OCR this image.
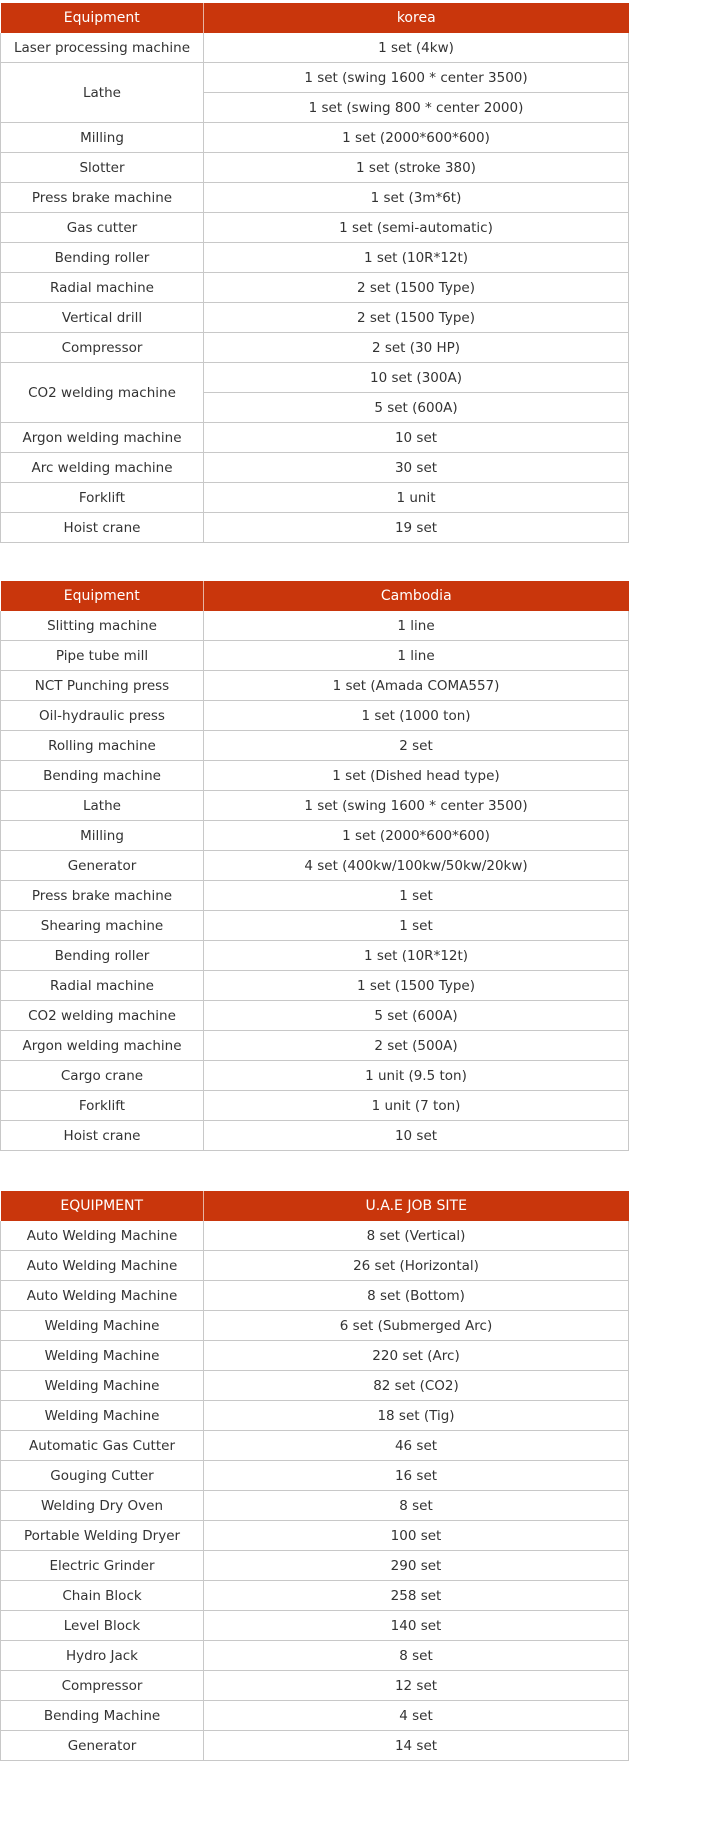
Equipment	korea
Laser processing machine	1 set (4kw)
Lathe	1 set (swing 1600 * center 3500)
	1 set (swing 800 * center 2000)
Milling	1 set (2000*600*600)
Slotter	1 set (stroke 380)
Press brake machine	1 set (3m*6t)
Gas cutter	1 set (semi-automatic)
Bending roller	1 set (10R*12t)
Radial machine	2 set (1500 Type)
Vertical drill	2 set (1500 Type)
Compressor	2 set (30 HP)
CO2 welding machine	10 set (300A)
	5 set (600A)
Argon welding machine	10 set
Arc welding machine	30 set
Forklift	1 unit
Hoist crane	19 set
Equipment	Cambodia
Slitting machine	1 line
Pipe tube mill	1 line
NCT Punching press	1 set (Amada COMA557)
Oil-hydraulic press	1 set (1000 ton)
Rolling machine	2 set
Bending machine	1 set (Dished head type)
Lathe	1 set (swing 1600 * center 3500)
Milling	1 set (2000*600*600)
Generator	4 set (400kw/100kw/50kw/20kw)
Press brake machine	1 set
Shearing machine	1 set
Bending roller	1 set (10R*12t)
Radial machine	1 set (1500 Type)
CO2 welding machine	5 set (600A)
Argon welding machine	2 set (500A)
Cargo crane	1 unit (9.5 ton)
Forklift	1 unit (7 ton)
Hoist crane	10 set
EQUIPMENT	U.A.E JOB SITE
Auto Welding Machine	8 set (Vertical)
Auto Welding Machine	26 set (Horizontal)
Auto Welding Machine	8 set (Bottom)
Welding Machine	6 set (Submerged Arc)
Welding Machine	220 set (Arc)
Welding Machine	82 set (CO2)
Welding Machine	18 set (Tig)
Automatic Gas Cutter	46 set
Gouging Cutter	16 set
Welding Dry Oven	8 set
Portable Welding Dryer	100 set
Electric Grinder	290 set
Chain Block	258 set
Level Block	140 set
Hydro Jack	8 set
Compressor	12 set
Bending Machine	4 set
Generator	14 set
